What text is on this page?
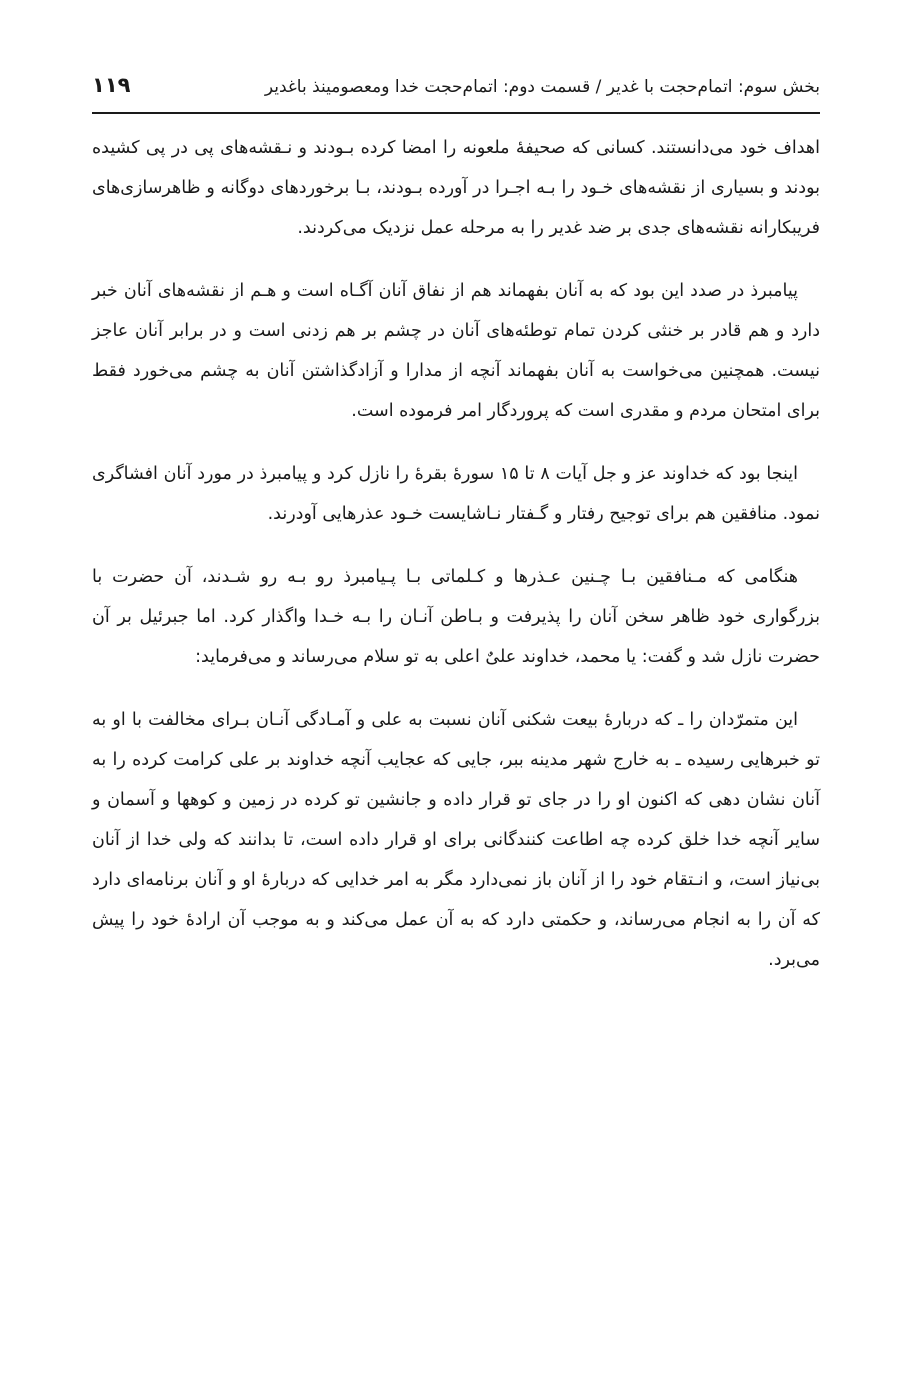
بخش سوم: اتمام‌حجت با غدیر / قسمت دوم: اتمام‌حجت خدا ومعصومینذ باغدیر
۱۱۹

اهداف خود می‌دانستند. کسانی که صحیفهٔ ملعونه را امضا کرده بـودند و نـقشه‌های پی در پی کشیده بودند و بسیاری از نقشه‌های خـود را بـه اجـرا در آورده بـودند، بـا برخوردهای دوگانه و ظاهرسازی‌های فریبکارانه نقشه‌های جدی بر ضد غدیر را به مرحله عمل نزدیک می‌کردند.

پیامبرذ در صدد این بود که به آنان بفهماند هم از نفاق آنان آگـاه است و هـم از نقشه‌های آنان خبر دارد و هم قادر بر خنثی کردن تمام توطئه‌های آنان در چشم بر هم زدنی است و در برابر آنان عاجز نیست. همچنین می‌خواست به آنان بفهماند آنچه از مدارا و آزادگذاشتن آنان به چشم می‌خورد فقط برای امتحان مردم و مقدری است که پروردگار امر فرموده است.

اینجا بود که خداوند عز و جل آیات ۸ تا ۱۵ سورهٔ بقرهٔ را نازل کرد و پیامبرذ در مورد آنان افشاگری نمود. منافقین هم برای توجیح رفتار و گـفتار نـاشایست خـود عذرهایی آودرند.

هنگامی که مـنافقین بـا چـنین عـذرها و کـلماتی بـا پـیامبرذ رو بـه رو شـدند، آن حضرت با بزرگواری خود ظاهر سخن آنان را پذیرفت و بـاطن آنـان را بـه خـدا واگذار کرد. اما جبرئیل بر آن حضرت نازل شد و گفت: یا محمد، خداوند علیٌ اعلی به تو سلام می‌رساند و می‌فرماید:

این متمرّدان را ـ که دربارهٔ بیعت شکنی آنان نسبت به علی و آمـادگی آنـان بـرای مخالفت با او به تو خبرهایی رسیده ـ به خارج شهر مدینه ببر، جایی که عجایب آنچه خداوند بر علی کرامت کرده را به آنان نشان دهی که اکنون او را در جای تو قرار داده و جانشین تو کرده در زمین و کوهها و آسمان و سایر آنچه خدا خلق کرده چه اطاعت کنندگانی برای او قرار داده است، تا بدانند که ولی خدا از آنان بی‌نیاز است، و انـتقام خود را از آنان باز نمی‌دارد مگر به امر خدایی که دربارهٔ او و آنان برنامه‌ای دارد که آن را به انجام می‌رساند، و حکمتی دارد که به آن عمل می‌کند و به موجب آن ارادهٔ خود را پیش می‌برد.
